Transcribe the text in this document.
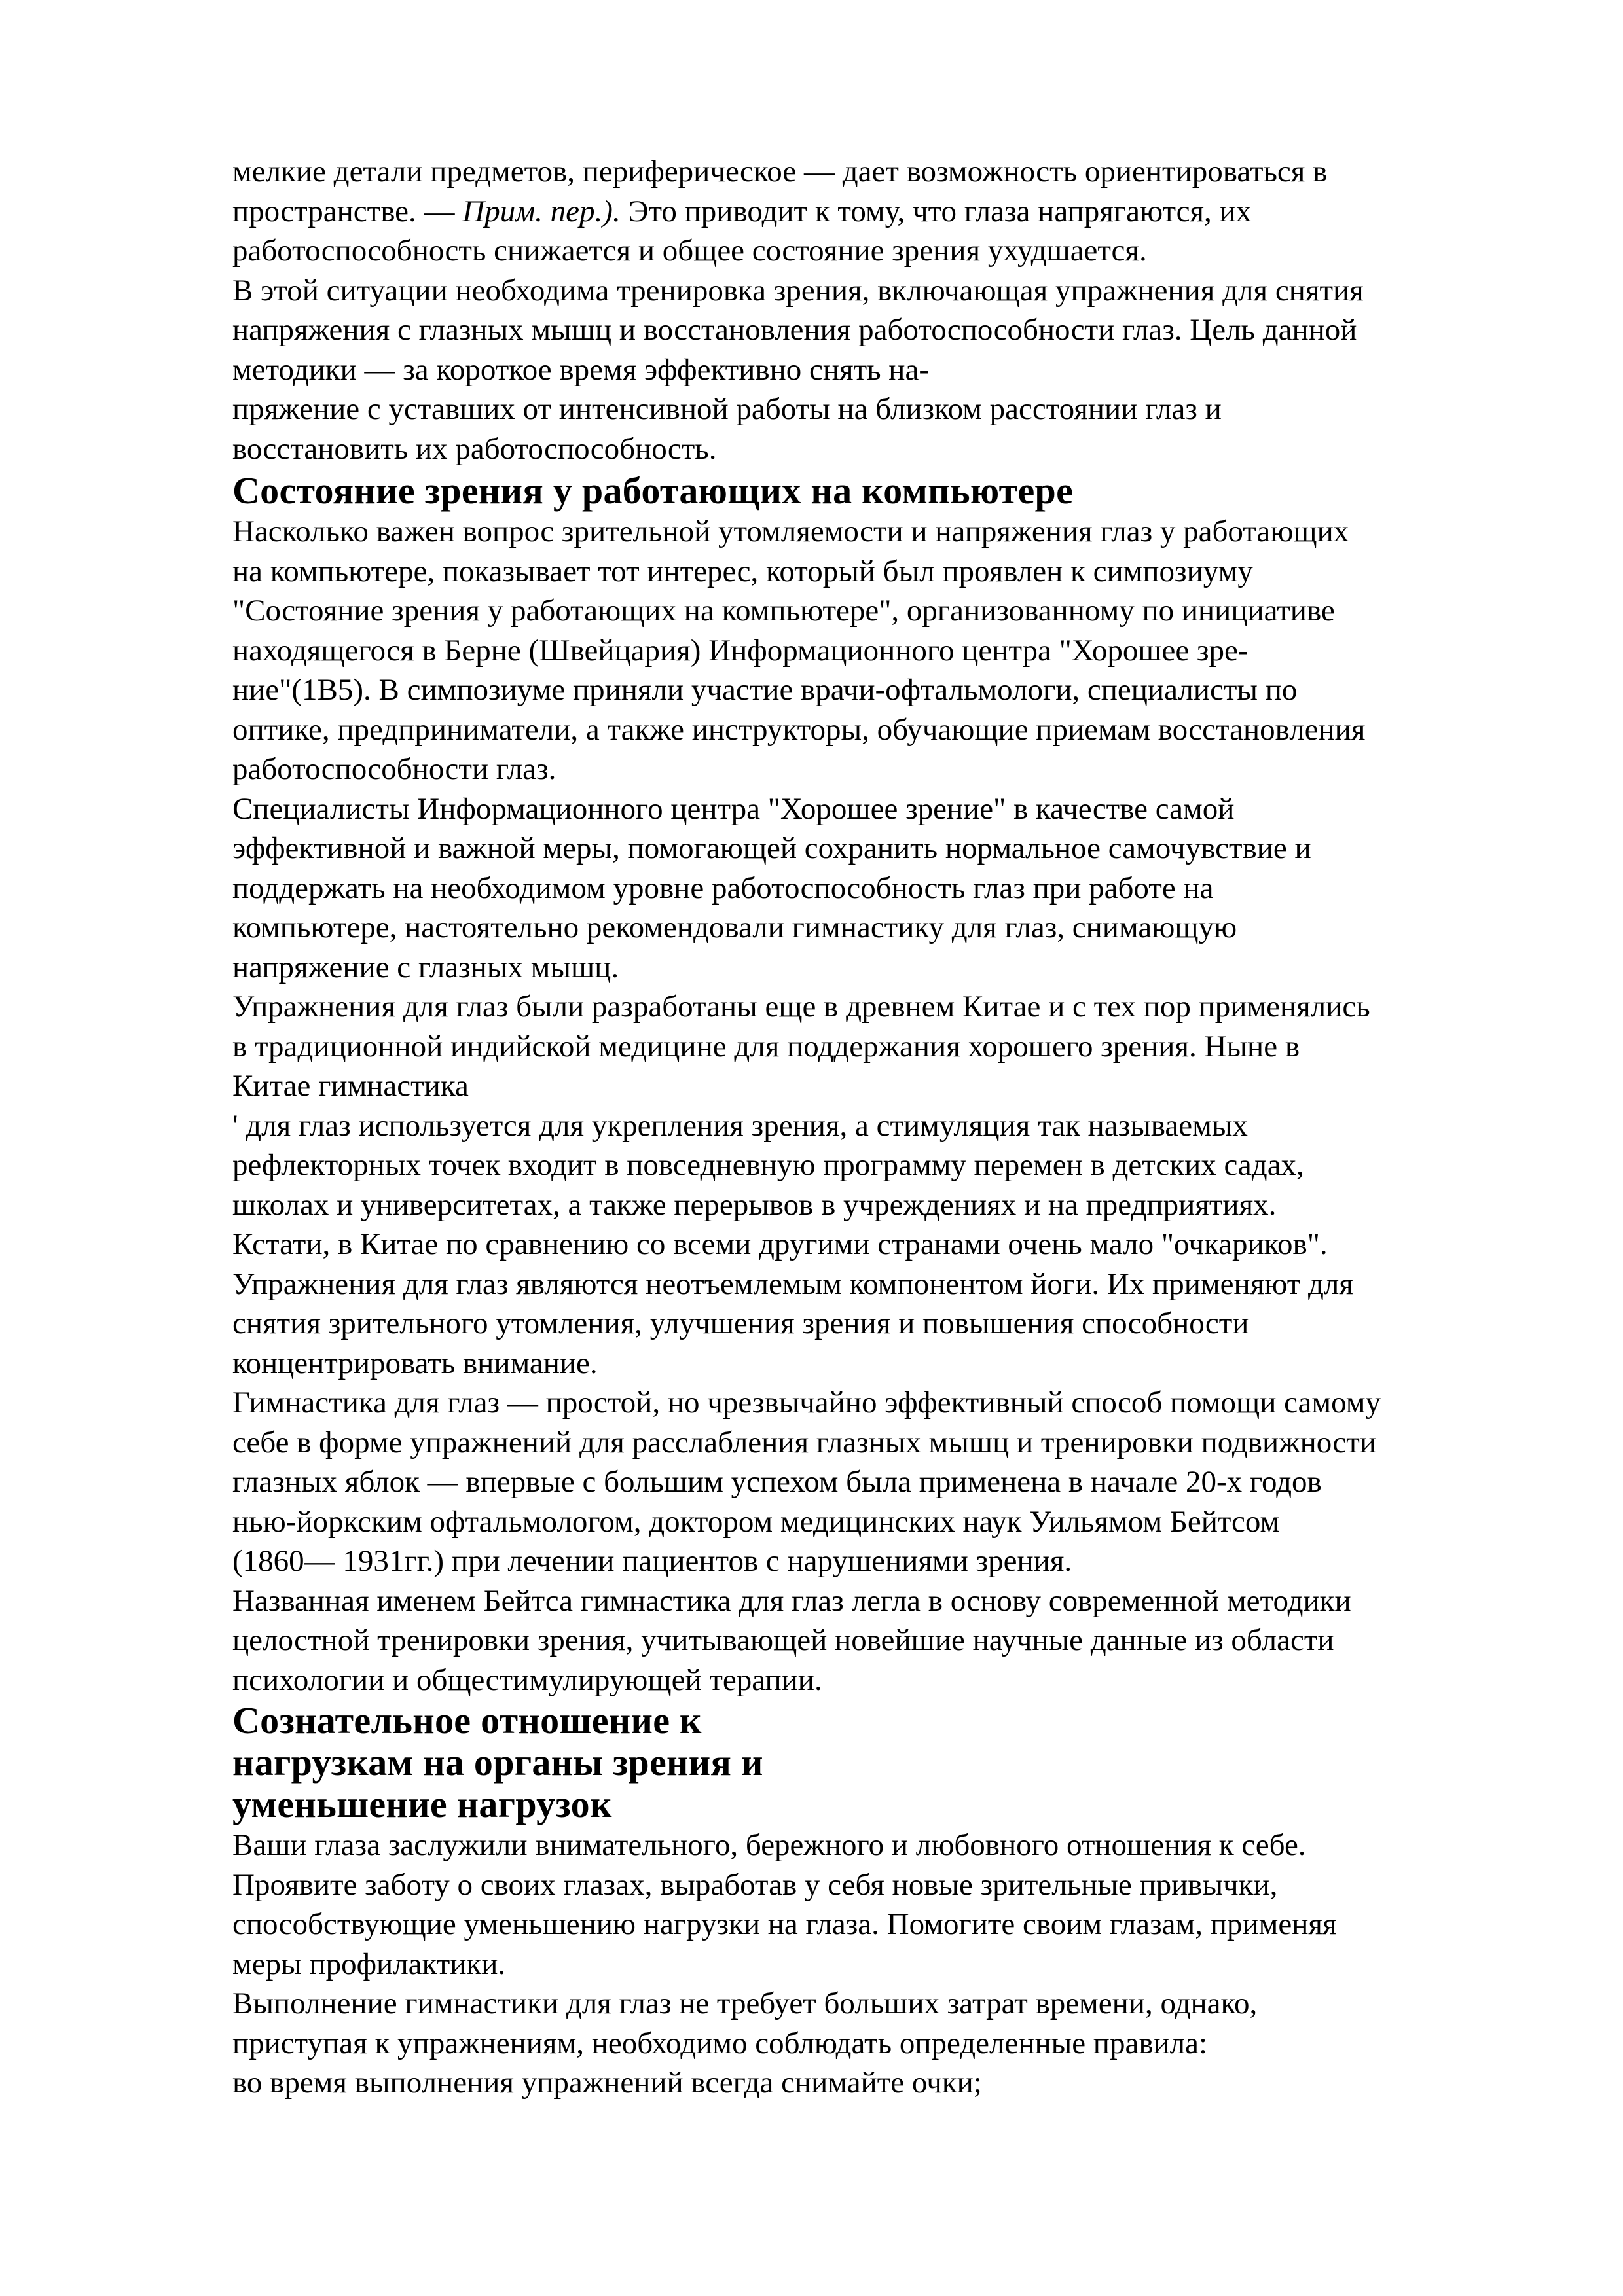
мелкие детали предметов, периферическое — дает возможность ориентироваться в
пространстве. — Прим. пер.). Это приводит к тому, что глаза напрягаются, их
работоспособность снижается и общее состояние зрения ухудшается.

В этой ситуации необходима тренировка зрения, включающая упражнения для снятия
напряжения с глазных мышц и восстановления работоспособности глаз. Цель данной
методики — за короткое время эффективно снять на-

пряжение с уставших от интенсивной работы на близком расстоянии глаз и
восстановить их работоспособность.

Состояние зрения у работающих на компьютере

Насколько важен вопрос зрительной утомляемости и напряжения глаз у работающих
на компьютере, показывает тот интерес, который был проявлен к симпозиуму
"Состояние зрения у работающих на компьютере", организованному по инициативе
находящегося в Берне (Швейцария) Информационного центра "Хорошее зре-
ние"(1В5). В симпозиуме приняли участие врачи-офтальмологи, специалисты по
оптике, предприниматели, а также инструкторы, обучающие приемам восстановления
работоспособности глаз.

Специалисты Информационного центра "Хорошее зрение" в качестве самой
эффективной и важной меры, помогающей сохранить нормальное самочувствие и
поддержать на необходимом уровне работоспособность глаз при работе на
компьютере, настоятельно рекомендовали гимнастику для глаз, снимающую
напряжение с глазных мышц.

Упражнения для глаз были разработаны еще в древнем Китае и с тех пор применялись
в традиционной индийской медицине для поддержания хорошего зрения. Ныне в
Китае гимнастика

' для глаз используется для укрепления зрения, а стимуляция так называемых
рефлекторных точек входит в повседневную программу перемен в детских садах,
школах и университетах, а также перерывов в учреждениях и на предприятиях.

Кстати, в Китае по сравнению со всеми другими странами очень мало "очкариков".

Упражнения для глаз являются неотъемлемым компонентом йоги. Их применяют для
снятия зрительного утомления, улучшения зрения и повышения способности
концентрировать внимание.

Гимнастика для глаз — простой, но чрезвычайно эффективный способ помощи самому
себе в форме упражнений для расслабления глазных мышц и тренировки подвижности
глазных яблок — впервые с большим успехом была применена в начале 20-х годов
нью-йоркским офтальмологом, доктором медицинских наук Уильямом Бейтсом
(1860— 1931гг.) при лечении пациентов с нарушениями зрения.

Названная именем Бейтса гимнастика для глаз легла в основу современной методики
целостной тренировки зрения, учитывающей новейшие научные данные из области
психологии и общестимулирующей терапии.

Сознательное отношение к
нагрузкам на органы зрения и
уменьшение нагрузок

Ваши глаза заслужили внимательного, бережного и любовного отношения к себе.
Проявите заботу о своих глазах, выработав у себя новые зрительные привычки,
способствующие уменьшению нагрузки на глаза. Помогите своим глазам, применяя
меры профилактики.

Выполнение гимнастики для глаз не требует больших затрат времени, однако,
приступая к упражнениям, необходимо соблюдать определенные правила:

во время выполнения упражнений всегда снимайте очки;
